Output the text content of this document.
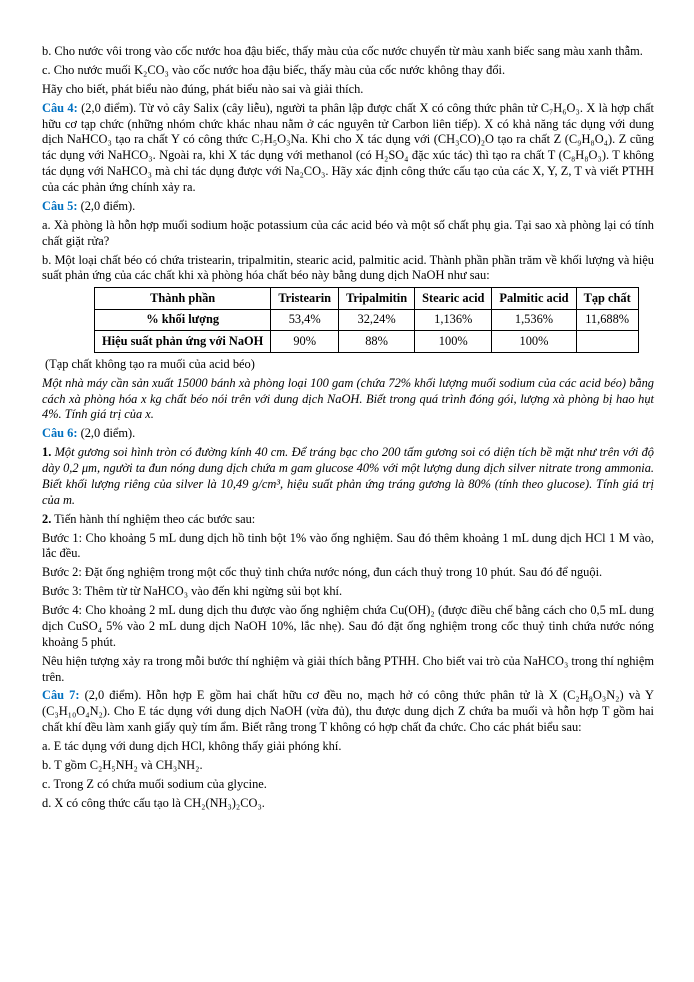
b. Cho nước vôi trong vào cốc nước hoa đậu biếc, thấy màu của cốc nước chuyển từ màu xanh biếc sang màu xanh thẫm.

c. Cho nước muối K₂CO₃ vào cốc nước hoa đậu biếc, thấy màu của cốc nước không thay đổi.

Hãy cho biết, phát biểu nào đúng, phát biểu nào sai và giải thích.

Câu 4: (2,0 điểm). Từ vỏ cây Salix (cây liễu), người ta phân lập được chất X có công thức phân tử C₇H₆O₃. X là hợp chất hữu cơ tạp chức (những nhóm chức khác nhau nằm ở các nguyên tử Carbon liên tiếp). X có khả năng tác dụng với dung dịch NaHCO₃ tạo ra chất Y có công thức C₇H₅O₃Na. Khi cho X tác dụng với (CH₃CO)₂O tạo ra chất Z (C₉H₈O₄). Z cũng tác dụng với NaHCO₃. Ngoài ra, khi X tác dụng với methanol (có H₂SO₄ đặc xúc tác) thì tạo ra chất T (C₈H₈O₃). T không tác dụng với NaHCO₃ mà chỉ tác dụng được với Na₂CO₃. Hãy xác định công thức cấu tạo của các X, Y, Z, T và viết PTHH của các phản ứng chính xảy ra.

Câu 5: (2,0 điểm).

a. Xà phòng là hỗn hợp muối sodium hoặc potassium của các acid béo và một số chất phụ gia. Tại sao xà phòng lại có tính chất giặt rửa?

b. Một loại chất béo có chứa tristearin, tripalmitin, stearic acid, palmitic acid. Thành phần phần trăm về khối lượng và hiệu suất phản ứng của các chất khi xà phòng hóa chất béo này bằng dung dịch NaOH như sau:

Thành phần	Tristearin	Tripalmitin	Stearic acid	Palmitic acid	Tạp chất
% khối lượng	53,4%	32,24%	1,136%	1,536%	11,688%
Hiệu suất phản ứng với NaOH	90%	88%	100%	100%	

(Tạp chất không tạo ra muối của acid béo)

Một nhà máy cần sản xuất 15000 bánh xà phòng loại 100 gam (chứa 72% khối lượng muối sodium của các acid béo) bằng cách xà phòng hóa x kg chất béo nói trên với dung dịch NaOH. Biết trong quá trình đóng gói, lượng xà phòng bị hao hụt 4%. Tính giá trị của x.

Câu 6: (2,0 điểm).

1. Một gương soi hình tròn có đường kính 40 cm. Để tráng bạc cho 200 tấm gương soi có diện tích bề mặt như trên với độ dày 0,2 μm, người ta đun nóng dung dịch chứa m gam glucose 40% với một lượng dung dịch silver nitrate trong ammonia. Biết khối lượng riêng của silver là 10,49 g/cm³, hiệu suất phản ứng tráng gương là 80% (tính theo glucose). Tính giá trị của m.

2. Tiến hành thí nghiệm theo các bước sau:

Bước 1: Cho khoảng 5 mL dung dịch hồ tinh bột 1% vào ống nghiệm. Sau đó thêm khoảng 1 mL dung dịch HCl 1 M vào, lắc đều.

Bước 2: Đặt ống nghiệm trong một cốc thuỷ tinh chứa nước nóng, đun cách thuỷ trong 10 phút. Sau đó để nguội.

Bước 3: Thêm từ từ NaHCO₃ vào đến khi ngừng sủi bọt khí.

Bước 4: Cho khoảng 2 mL dung dịch thu được vào ống nghiệm chứa Cu(OH)₂ (được điều chế bằng cách cho 0,5 mL dung dịch CuSO₄ 5% vào 2 mL dung dịch NaOH 10%, lắc nhẹ). Sau đó đặt ống nghiệm trong cốc thuỷ tinh chứa nước nóng khoảng 5 phút.

Nêu hiện tượng xảy ra trong mỗi bước thí nghiệm và giải thích bằng PTHH. Cho biết vai trò của NaHCO₃ trong thí nghiệm trên.

Câu 7: (2,0 điểm). Hỗn hợp E gồm hai chất hữu cơ đều no, mạch hở có công thức phân tử là X (C₂H₈O₃N₂) và Y (C₃H₁₀O₄N₂). Cho E tác dụng với dung dịch NaOH (vừa đủ), thu được dung dịch Z chứa ba muối và hỗn hợp T gồm hai chất khí đều làm xanh giấy quỳ tím ẩm. Biết rằng trong T không có hợp chất đa chức. Cho các phát biểu sau:

a. E tác dụng với dung dịch HCl, không thấy giải phóng khí.

b. T gồm C₂H₅NH₂ và CH₃NH₂.

c. Trong Z có chứa muối sodium của glycine.

d. X có công thức cấu tạo là CH₂(NH₃)₂CO₃.
